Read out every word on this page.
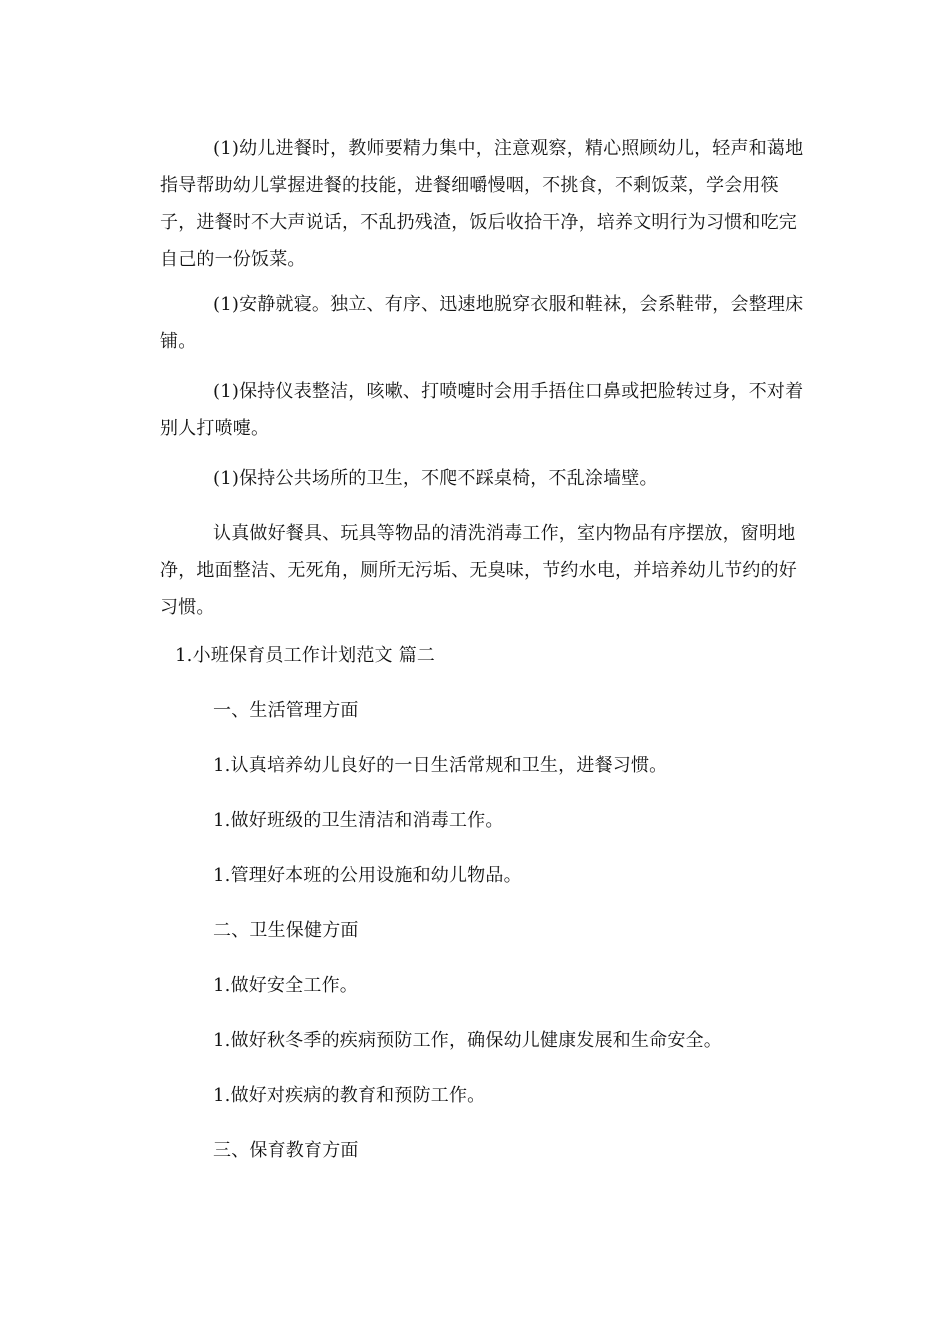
(1)幼儿进餐时，教师要精力集中，注意观察，精心照顾幼儿，轻声和蔼地指导帮助幼儿掌握进餐的技能，进餐细嚼慢咽，不挑食，不剩饭菜，学会用筷子，进餐时不大声说话，不乱扔残渣，饭后收拾干净，培养文明行为习惯和吃完自己的一份饭菜。

(1)安静就寝。独立、有序、迅速地脱穿衣服和鞋袜，会系鞋带，会整理床铺。

(1)保持仪表整洁，咳嗽、打喷嚏时会用手捂住口鼻或把脸转过身，不对着别人打喷嚏。

(1)保持公共场所的卫生，不爬不踩桌椅，不乱涂墙壁。

认真做好餐具、玩具等物品的清洗消毒工作，室内物品有序摆放，窗明地净，地面整洁、无死角，厕所无污垢、无臭味，节约水电，并培养幼儿节约的好习惯。

1.小班保育员工作计划范文 篇二

一、生活管理方面

1.认真培养幼儿良好的一日生活常规和卫生，进餐习惯。

1.做好班级的卫生清洁和消毒工作。

1.管理好本班的公用设施和幼儿物品。

二、卫生保健方面

1.做好安全工作。

1.做好秋冬季的疾病预防工作，确保幼儿健康发展和生命安全。

1.做好对疾病的教育和预防工作。

三、保育教育方面
